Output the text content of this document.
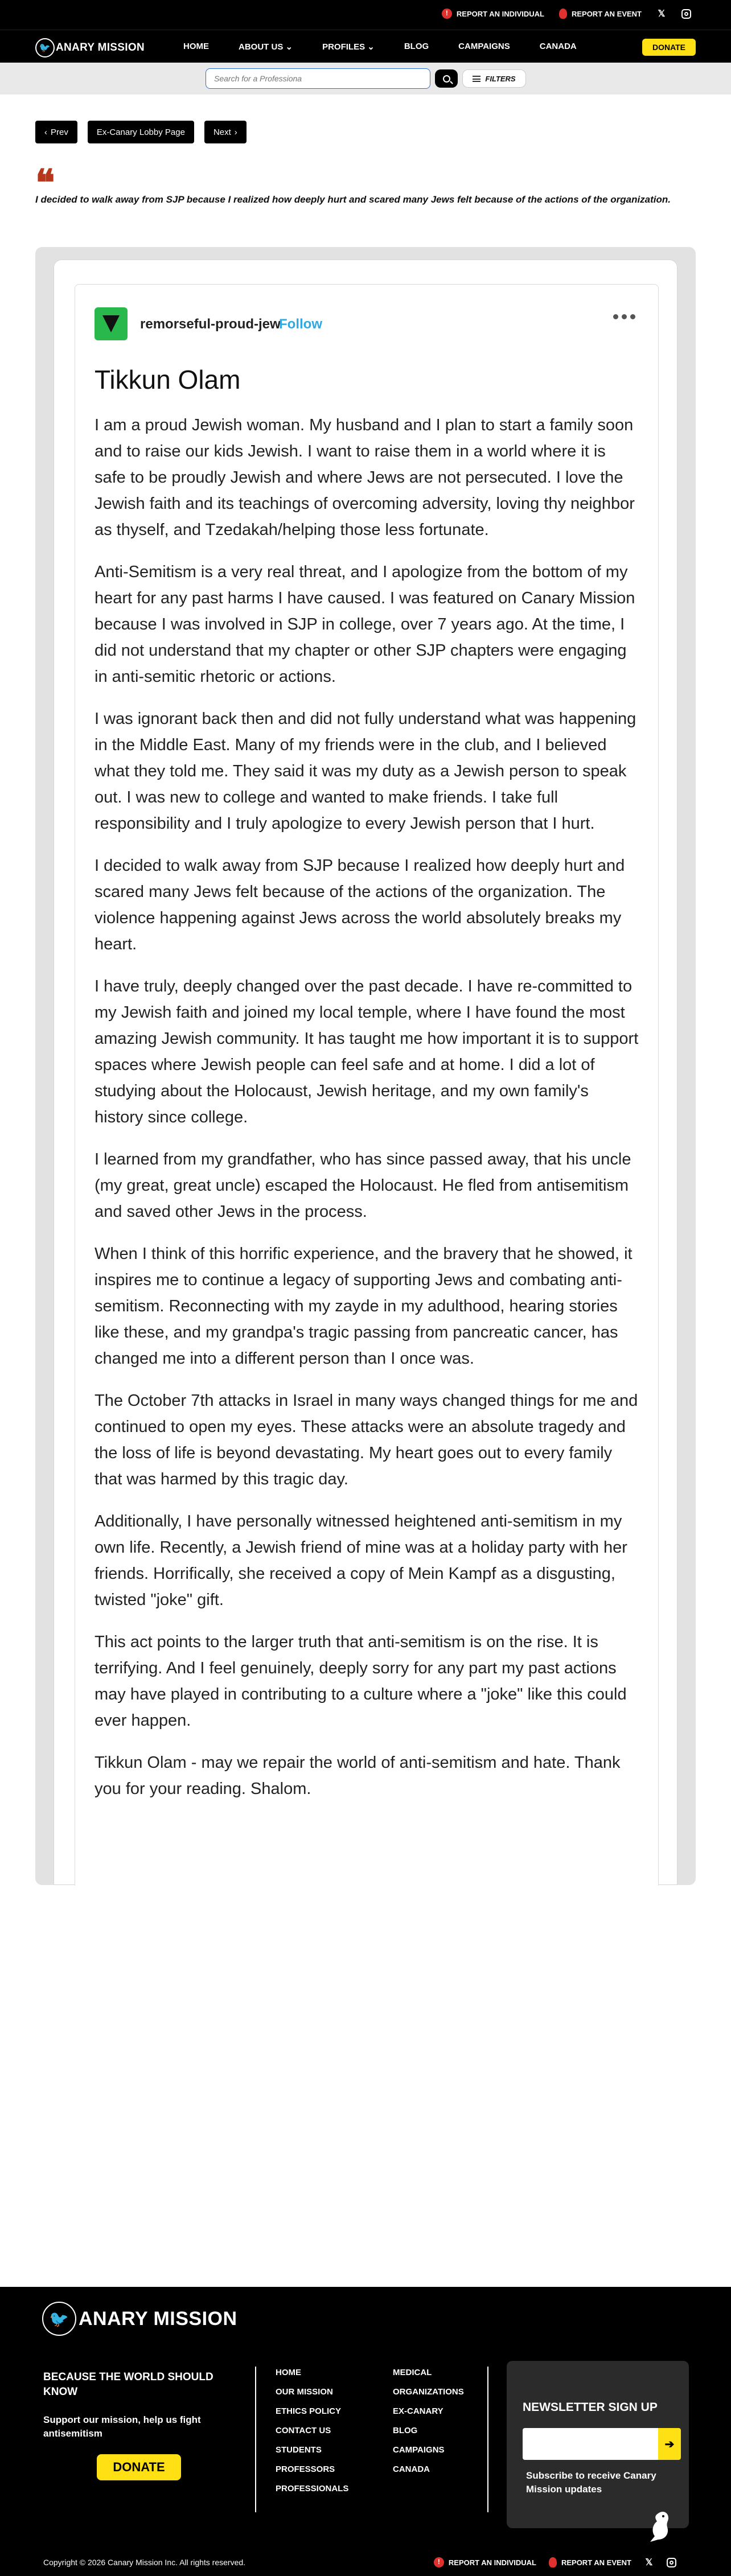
!
REPORT AN INDIVIDUAL	REPORT AN EVENT 𝕏
🐦 ANARY MISSION	HOME	ABOUT US ⌄	PROFILES ⌄	BLOG	CAMPAIGNS	CANADA	DONATE
Search for a Professiona
FILTERS
‹ Prev	Ex-Canary Lobby Page	Next ›
❝
I decided to walk away from SJP because I realized how deeply hurt and scared many Jews felt because of the actions of the organization.
remorseful-proud-jew
Follow
Tikkun Olam

I am a proud Jewish woman. My husband and I plan to start a family soon and to raise our kids Jewish. I want to raise them in a world where it is safe to be proudly Jewish and where Jews are not persecuted. I love the Jewish faith and its teachings of overcoming adversity, loving thy neighbor as thyself, and Tzedakah/helping those less fortunate.

Anti-Semitism is a very real threat, and I apologize from the bottom of my heart for any past harms I have caused. I was featured on Canary Mission because I was involved in SJP in college, over 7 years ago. At the time, I did not understand that my chapter or other SJP chapters were engaging in anti-semitic rhetoric or actions.

I was ignorant back then and did not fully understand what was happening in the Middle East. Many of my friends were in the club, and I believed what they told me. They said it was my duty as a Jewish person to speak out. I was new to college and wanted to make friends. I take full responsibility and I truly apologize to every Jewish person that I hurt.

I decided to walk away from SJP because I realized how deeply hurt and scared many Jews felt because of the actions of the organization. The violence happening against Jews across the world absolutely breaks my heart.

I have truly, deeply changed over the past decade. I have re-committed to my Jewish faith and joined my local temple, where I have found the most amazing Jewish community. It has taught me how important it is to support spaces where Jewish people can feel safe and at home. I did a lot of studying about the Holocaust, Jewish heritage, and my own family's history since college.

I learned from my grandfather, who has since passed away, that his uncle (my great, great uncle) escaped the Holocaust. He fled from antisemitism and saved other Jews in the process.

When I think of this horrific experience, and the bravery that he showed, it inspires me to continue a legacy of supporting Jews and combating anti-semitism. Reconnecting with my zayde in my adulthood, hearing stories like these, and my grandpa's tragic passing from pancreatic cancer, has changed me into a different person than I once was.

The October 7th attacks in Israel in many ways changed things for me and continued to open my eyes. These attacks were an absolute tragedy and the loss of life is beyond devastating. My heart goes out to every family that was harmed by this tragic day.

Additionally, I have personally witnessed heightened anti-semitism in my own life. Recently, a Jewish friend of mine was at a holiday party with her friends. Horrifically, she received a copy of Mein Kampf as a disgusting, twisted "joke" gift.

This act points to the larger truth that anti-semitism is on the rise. It is terrifying. And I feel genuinely, deeply sorry for any part my past actions may have played in contributing to a culture where a "joke" like this could ever happen.

Tikkun Olam - may we repair the world of anti-semitism and hate. Thank you for your reading. Shalom.

🐦 ANARY MISSION
BECAUSE THE WORLD SHOULD KNOW
Support our mission, help us fight antisemitism
DONATE
HOME
OUR MISSION
ETHICS POLICY
CONTACT US
STUDENTS
PROFESSORS
PROFESSIONALS
MEDICAL
ORGANIZATIONS
EX-CANARY
BLOG
CAMPAIGNS
CANADA
NEWSLETTER SIGN UP
➔
Subscribe to receive Canary Mission updates
Copyright © 2026 Canary Mission Inc. All rights reserved.
!	REPORT AN INDIVIDUAL	REPORT AN EVENT 𝕏
